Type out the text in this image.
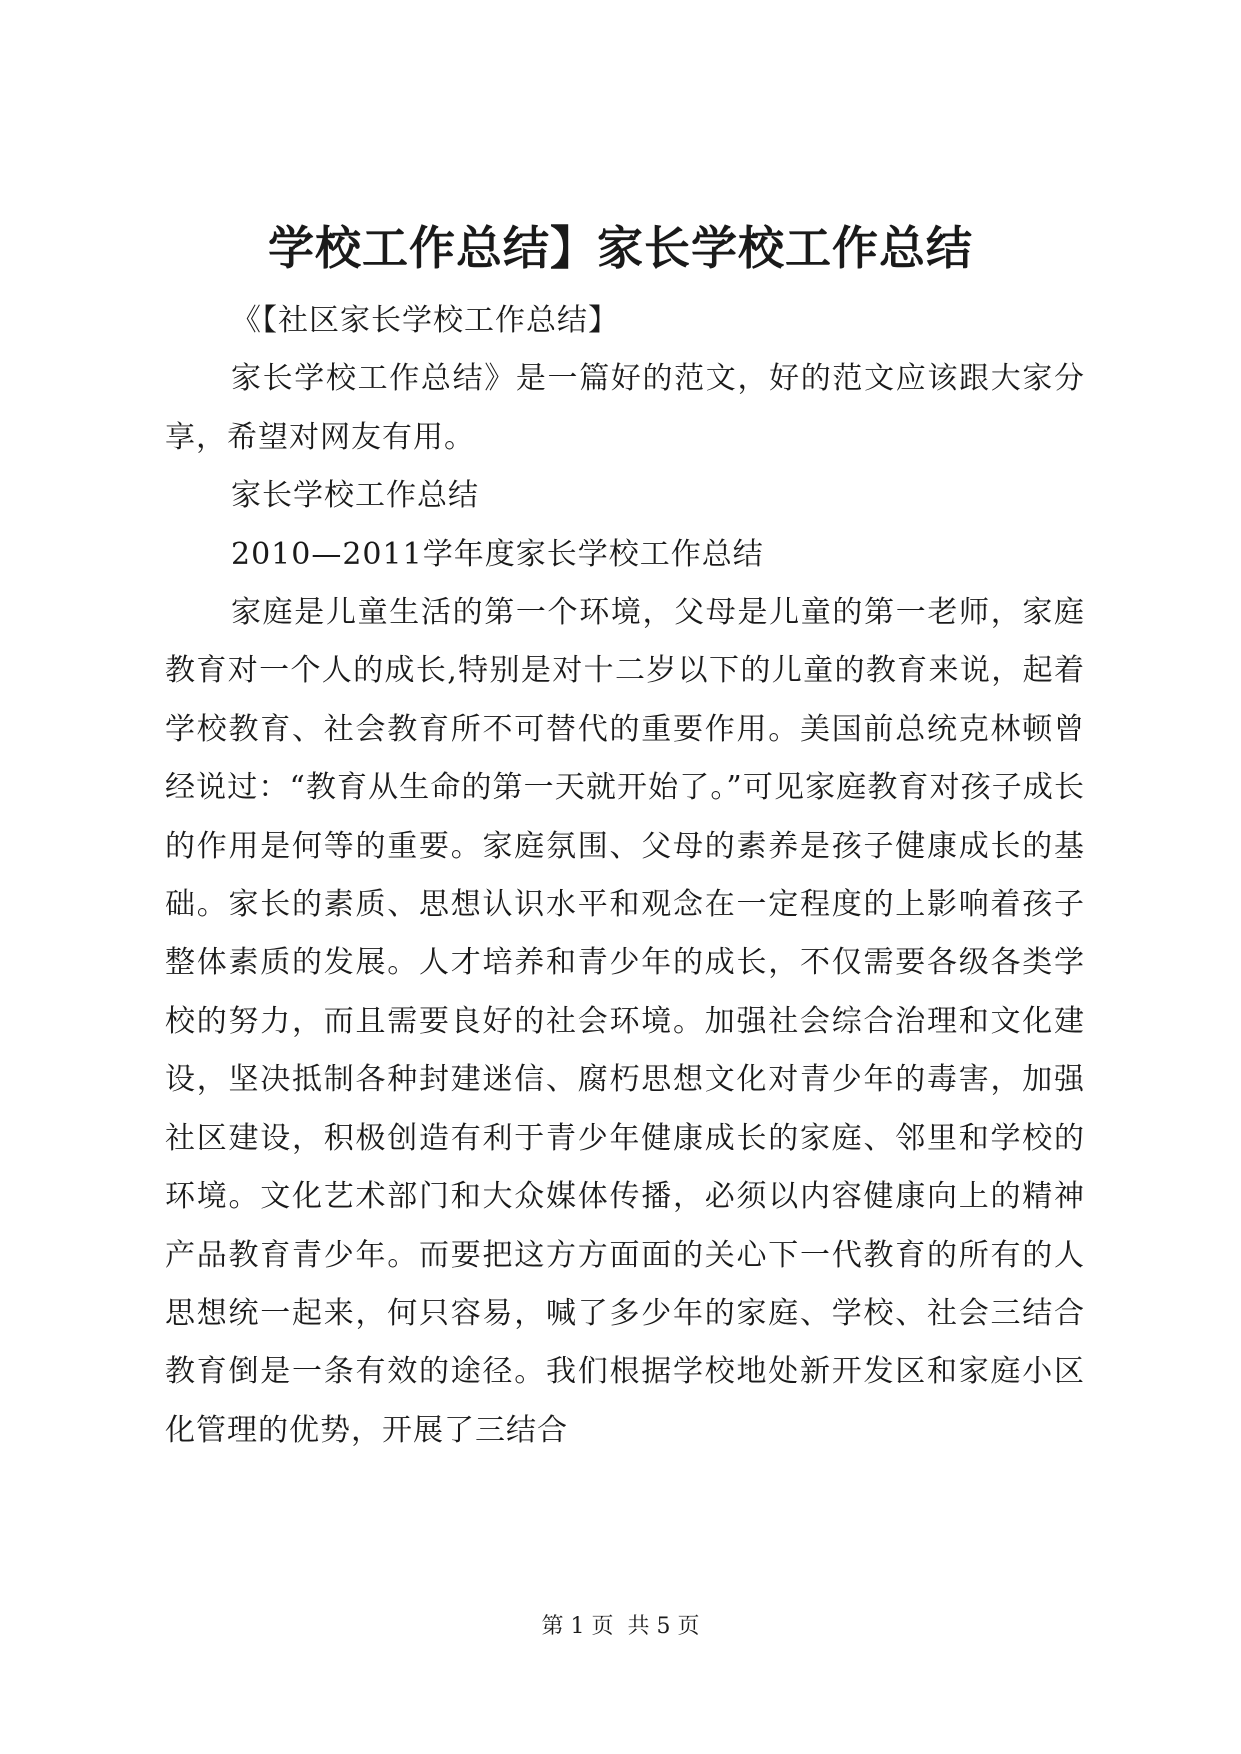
学校工作总结】家长学校工作总结

《【社区家长学校工作总结】

家长学校工作总结》是一篇好的范文，好的范文应该跟大家分享，希望对网友有用。

家长学校工作总结

2010—2011学年度家长学校工作总结

家庭是儿童生活的第一个环境，父母是儿童的第一老师，家庭教育对一个人的成长,特别是对十二岁以下的儿童的教育来说，起着学校教育、社会教育所不可替代的重要作用。美国前总统克林顿曾经说过：“教育从生命的第一天就开始了。”可见家庭教育对孩子成长的作用是何等的重要。家庭氛围、父母的素养是孩子健康成长的基础。家长的素质、思想认识水平和观念在一定程度的上影响着孩子整体素质的发展。人才培养和青少年的成长，不仅需要各级各类学校的努力，而且需要良好的社会环境。加强社会综合治理和文化建设，坚决抵制各种封建迷信、腐朽思想文化对青少年的毒害，加强社区建设，积极创造有利于青少年健康成长的家庭、邻里和学校的环境。文化艺术部门和大众媒体传播，必须以内容健康向上的精神产品教育青少年。而要把这方方面面的关心下一代教育的所有的人思想统一起来，何只容易，喊了多少年的家庭、学校、社会三结合教育倒是一条有效的途径。我们根据学校地处新开发区和家庭小区化管理的优势，开展了三结合

第 1 页 共 5 页
